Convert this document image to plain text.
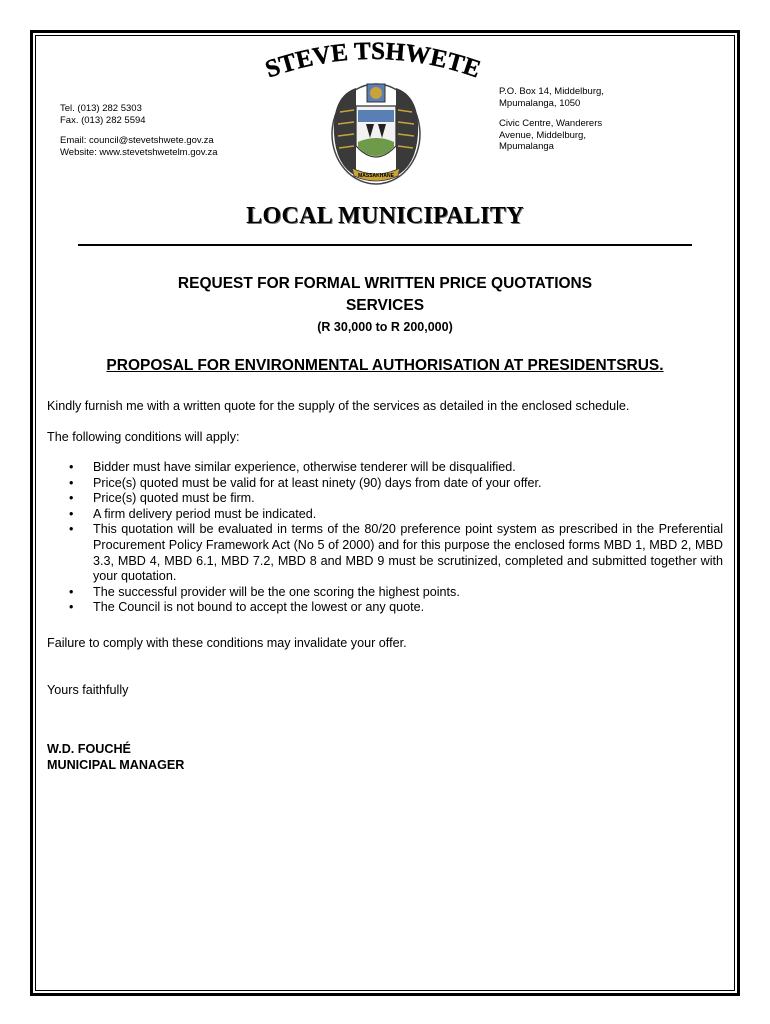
STEVE TSHWETE
Tel. (013) 282 5303
Fax. (013) 282 5594
Email: council@stevetshwete.gov.za
Website: www.stevetshwetelm.gov.za
MASSAKHANE
P.O. Box 14, Middelburg,
Mpumalanga, 1050
Civic Centre, Wanderers
Avenue, Middelburg,
Mpumalanga
LOCAL MUNICIPALITY
REQUEST FOR FORMAL WRITTEN PRICE QUOTATIONS
SERVICES
(R 30,000 to R 200,000)
PROPOSAL FOR ENVIRONMENTAL AUTHORISATION AT PRESIDENTSRUS.
Kindly furnish me with a written quote for the supply of the services as detailed in the enclosed schedule.
The following conditions will apply:
• Bidder must have similar experience, otherwise tenderer will be disqualified.
• Price(s) quoted must be valid for at least ninety (90) days from date of your offer.
• Price(s) quoted must be firm.
• A firm delivery period must be indicated.
• This quotation will be evaluated in terms of the 80/20 preference point system as prescribed in the Preferential Procurement Policy Framework Act (No 5 of 2000) and for this purpose the enclosed forms MBD 1, MBD 2, MBD 3.3, MBD 4, MBD 6.1, MBD 7.2, MBD 8 and MBD 9 must be scrutinized, completed and submitted together with your quotation.
• The successful provider will be the one scoring the highest points.
• The Council is not bound to accept the lowest or any quote.
Failure to comply with these conditions may invalidate your offer.
Yours faithfully
W.D. FOUCHÉ
MUNICIPAL MANAGER
